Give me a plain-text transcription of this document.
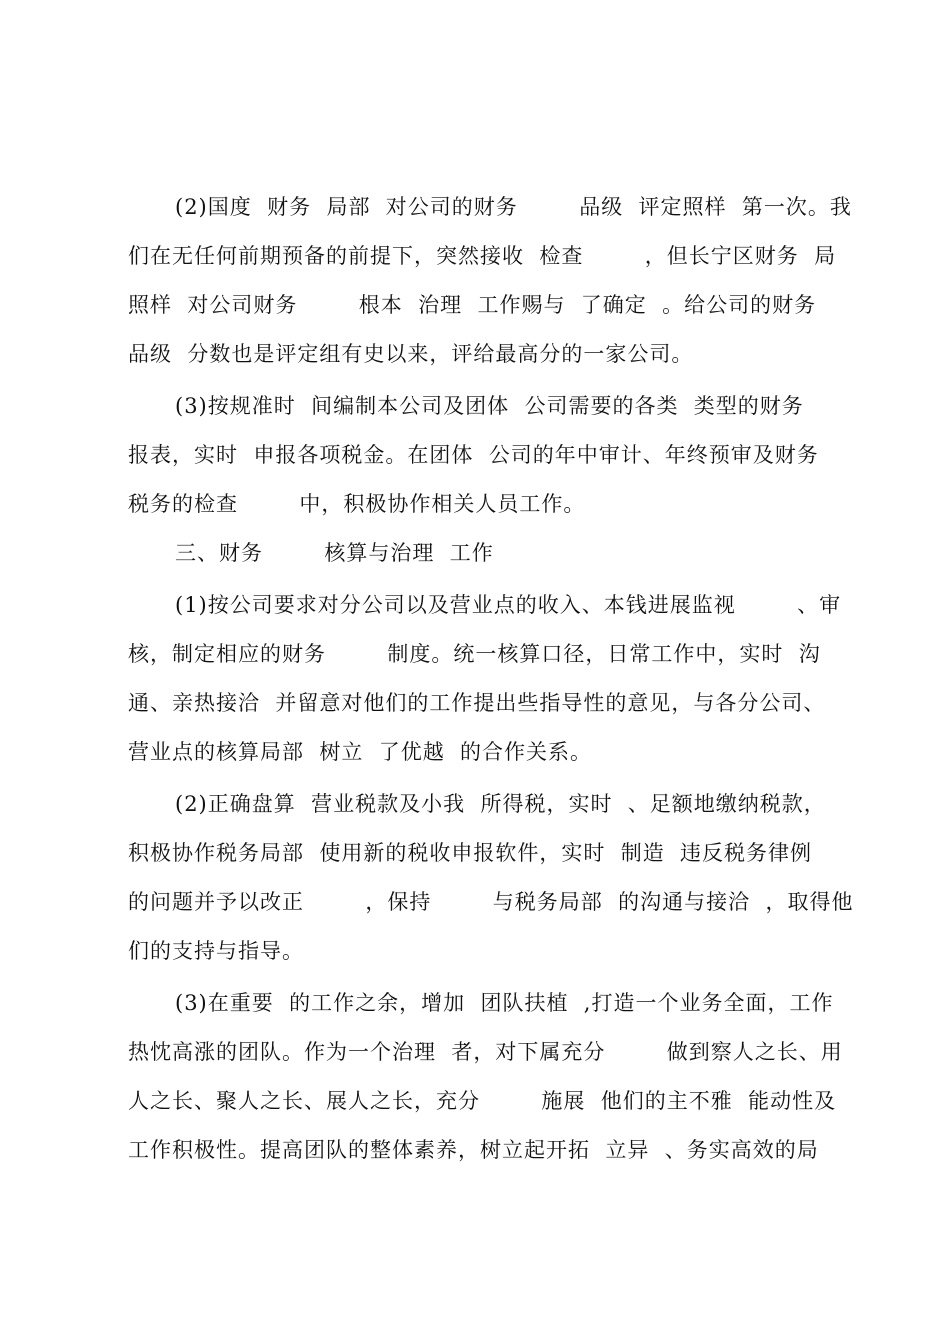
(2)国度  财务  局部  对公司的财务        品级  评定照样  第一次。我
们在无任何前期预备的前提下，突然接收  检查        ，但长宁区财务  局
照样  对公司财务        根本  治理  工作赐与  了确定  。给公司的财务
品级  分数也是评定组有史以来，评给最高分的一家公司。
(3)按规准时  间编制本公司及团体  公司需要的各类  类型的财务
报表，实时  申报各项税金。在团体  公司的年中审计、年终预审及财务
税务的检查        中，积极协作相关人员工作。
三、财务        核算与治理  工作
(1)按公司要求对分公司以及营业点的收入、本钱进展监视        、审
核，制定相应的财务        制度。统一核算口径，日常工作中，实时  沟
通、亲热接洽  并留意对他们的工作提出些指导性的意见，与各分公司、
营业点的核算局部  树立  了优越  的合作关系。
(2)正确盘算  营业税款及小我  所得税，实时  、足额地缴纳税款，
积极协作税务局部  使用新的税收申报软件，实时  制造  违反税务律例
的问题并予以改正        ，保持        与税务局部  的沟通与接洽  ，取得他
们的支持与指导。
(3)在重要  的工作之余，增加  团队扶植  ,打造一个业务全面，工作
热忱高涨的团队。作为一个治理  者，对下属充分        做到察人之长、用
人之长、聚人之长、展人之长，充分        施展  他们的主不雅  能动性及
工作积极性。提高团队的整体素养，树立起开拓  立异  、务实高效的局
